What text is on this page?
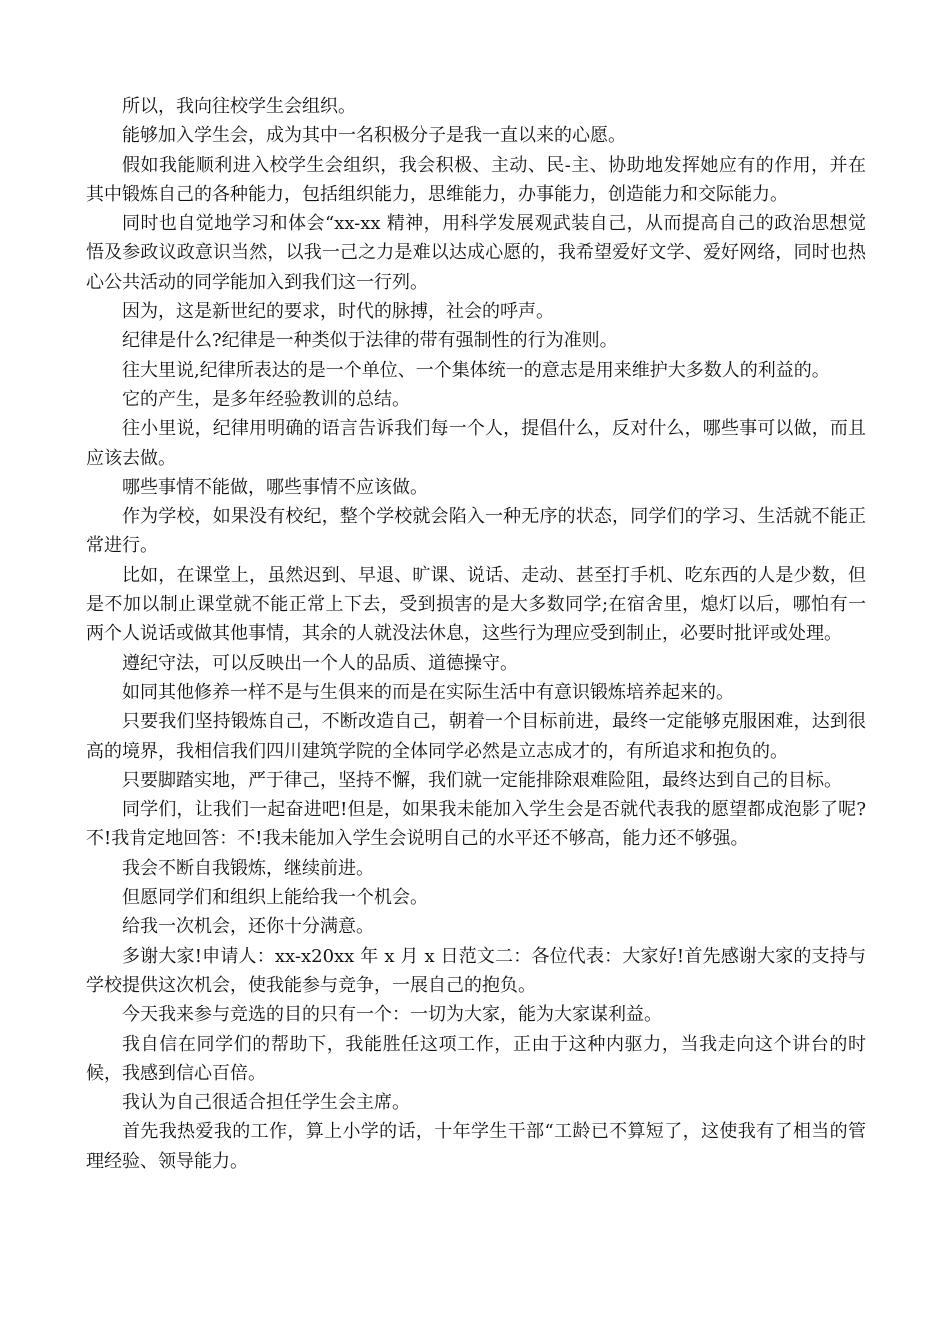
所以，我向往校学生会组织。

能够加入学生会，成为其中一名积极分子是我一直以来的心愿。

假如我能顺利进入校学生会组织，我会积极、主动、民-主、协助地发挥她应有的作用，并在其中锻炼自己的各种能力，包括组织能力，思维能力，办事能力，创造能力和交际能力。

同时也自觉地学习和体会“xx-xx 精神，用科学发展观武装自己，从而提高自己的政治思想觉悟及参政议政意识当然，以我一己之力是难以达成心愿的，我希望爱好文学、爱好网络，同时也热心公共活动的同学能加入到我们这一行列。

因为，这是新世纪的要求，时代的脉搏，社会的呼声。

纪律是什么?纪律是一种类似于法律的带有强制性的行为准则。

往大里说,纪律所表达的是一个单位、一个集体统一的意志是用来维护大多数人的利益的。

它的产生，是多年经验教训的总结。

往小里说，纪律用明确的语言告诉我们每一个人，提倡什么，反对什么，哪些事可以做，而且应该去做。

哪些事情不能做，哪些事情不应该做。

作为学校，如果没有校纪，整个学校就会陷入一种无序的状态，同学们的学习、生活就不能正常进行。

比如，在课堂上，虽然迟到、早退、旷课、说话、走动、甚至打手机、吃东西的人是少数，但是不加以制止课堂就不能正常上下去，受到损害的是大多数同学;在宿舍里，熄灯以后，哪怕有一两个人说话或做其他事情，其余的人就没法休息，这些行为理应受到制止，必要时批评或处理。

遵纪守法，可以反映出一个人的品质、道德操守。

如同其他修养一样不是与生俱来的而是在实际生活中有意识锻炼培养起来的。

只要我们坚持锻炼自己，不断改造自己，朝着一个目标前进，最终一定能够克服困难，达到很高的境界，我相信我们四川建筑学院的全体同学必然是立志成才的，有所追求和抱负的。

只要脚踏实地，严于律己，坚持不懈，我们就一定能排除艰难险阻，最终达到自己的目标。

同学们，让我们一起奋进吧!但是，如果我未能加入学生会是否就代表我的愿望都成泡影了呢?不!我肯定地回答：不!我未能加入学生会说明自己的水平还不够高，能力还不够强。

我会不断自我锻炼，继续前进。

但愿同学们和组织上能给我一个机会。

给我一次机会，还你十分满意。

多谢大家!申请人：xx-x20xx 年 x 月 x 日范文二：各位代表：大家好!首先感谢大家的支持与学校提供这次机会，使我能参与竞争，一展自己的抱负。

今天我来参与竞选的目的只有一个：一切为大家，能为大家谋利益。

我自信在同学们的帮助下，我能胜任这项工作，正由于这种内驱力，当我走向这个讲台的时候，我感到信心百倍。

我认为自己很适合担任学生会主席。

首先我热爱我的工作，算上小学的话，十年学生干部“工龄已不算短了，这使我有了相当的管理经验、领导能力。
